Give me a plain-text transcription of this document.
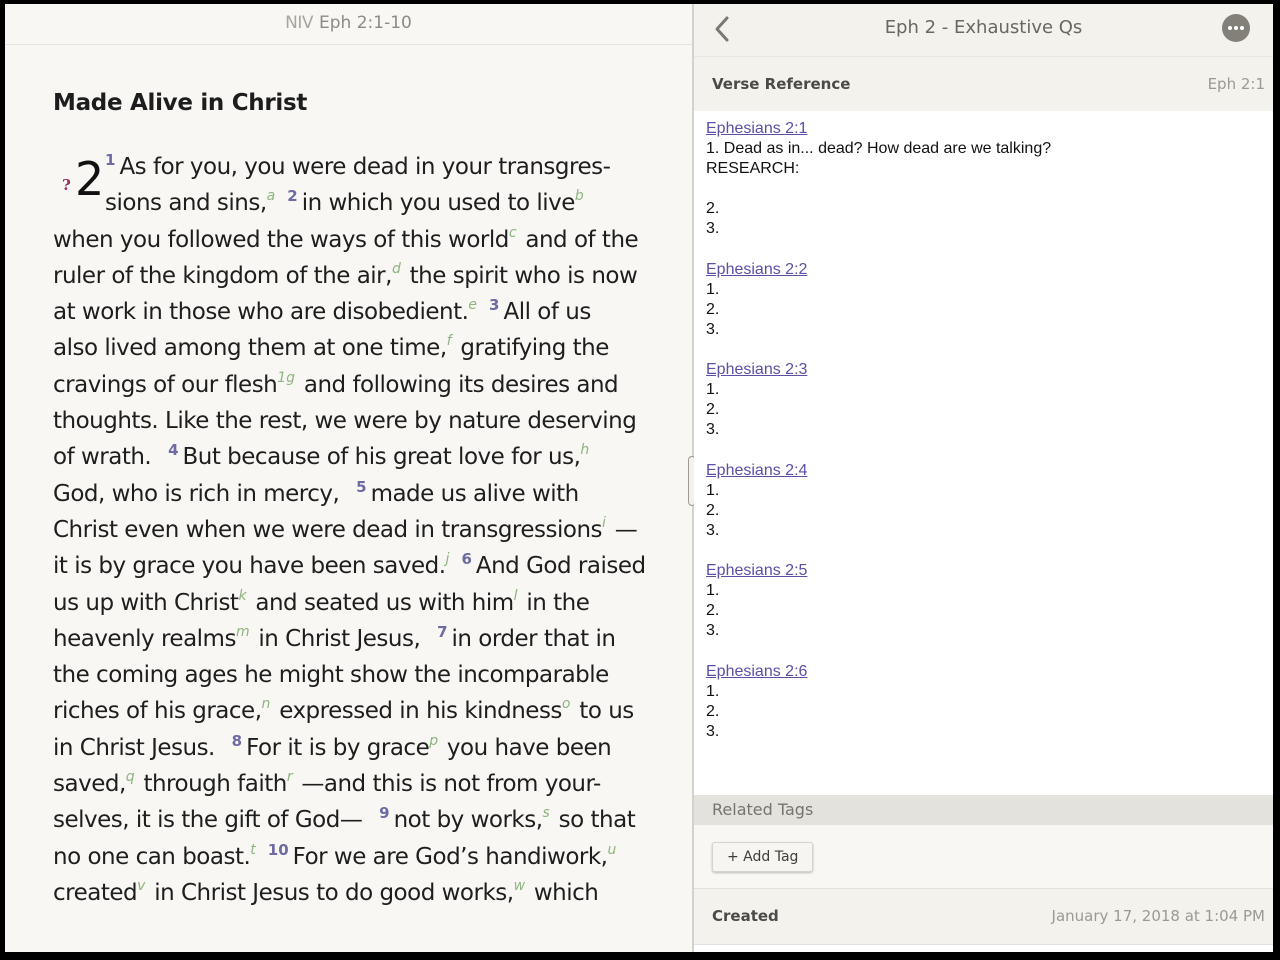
NIV Eph 2:1-10
Made Alive in Christ
? 2 $^1$ As for you, you were dead in your transgres-
sions and sins,$^a$ $^2$ in which you used to live$^b$
when you followed the ways of this world$^c$ and of the
ruler of the kingdom of the air,$^d$ the spirit who is now
at work in those who are disobedient.$^e$ $^3$ All of us
also lived among them at one time,$^f$ gratifying the
cravings of our flesh$^{1g}$ and following its desires and
thoughts. Like the rest, we were by nature deserving
of wrath. $^4$ But because of his great love for us,$^h$
God, who is rich in mercy, $^5$ made us alive with
Christ even when we were dead in transgressions$^i$ —
it is by grace you have been saved.$^j$ $^6$ And God raised
us up with Christ$^k$ and seated us with him$^l$ in the
heavenly realms$^m$ in Christ Jesus, $^7$ in order that in
the coming ages he might show the incomparable
riches of his grace,$^n$ expressed in his kindness$^o$ to us
in Christ Jesus. $^8$ For it is by grace$^p$ you have been
saved,$^q$ through faith$^r$ —and this is not from your-
selves, it is the gift of God— $^9$ not by works,$^s$ so that
no one can boast.$^t$ $^{10}$ For we are God’s handiwork,$^u$
created$^v$ in Christ Jesus to do good works,$^w$ which
Eph 2 - Exhaustive Qs
Verse Reference	Eph 2:1
Ephesians 2:1
1. Dead as in... dead? How dead are we talking?
RESEARCH:
2.
3.
Ephesians 2:2
1.
2.
3.
Ephesians 2:3
1.
2.
3.
Ephesians 2:4
1.
2.
3.
Ephesians 2:5
1.
2.
3.
Ephesians 2:6
1.
2.
3.
Related Tags
+ Add Tag
Created	January 17, 2018 at 1:04 PM
